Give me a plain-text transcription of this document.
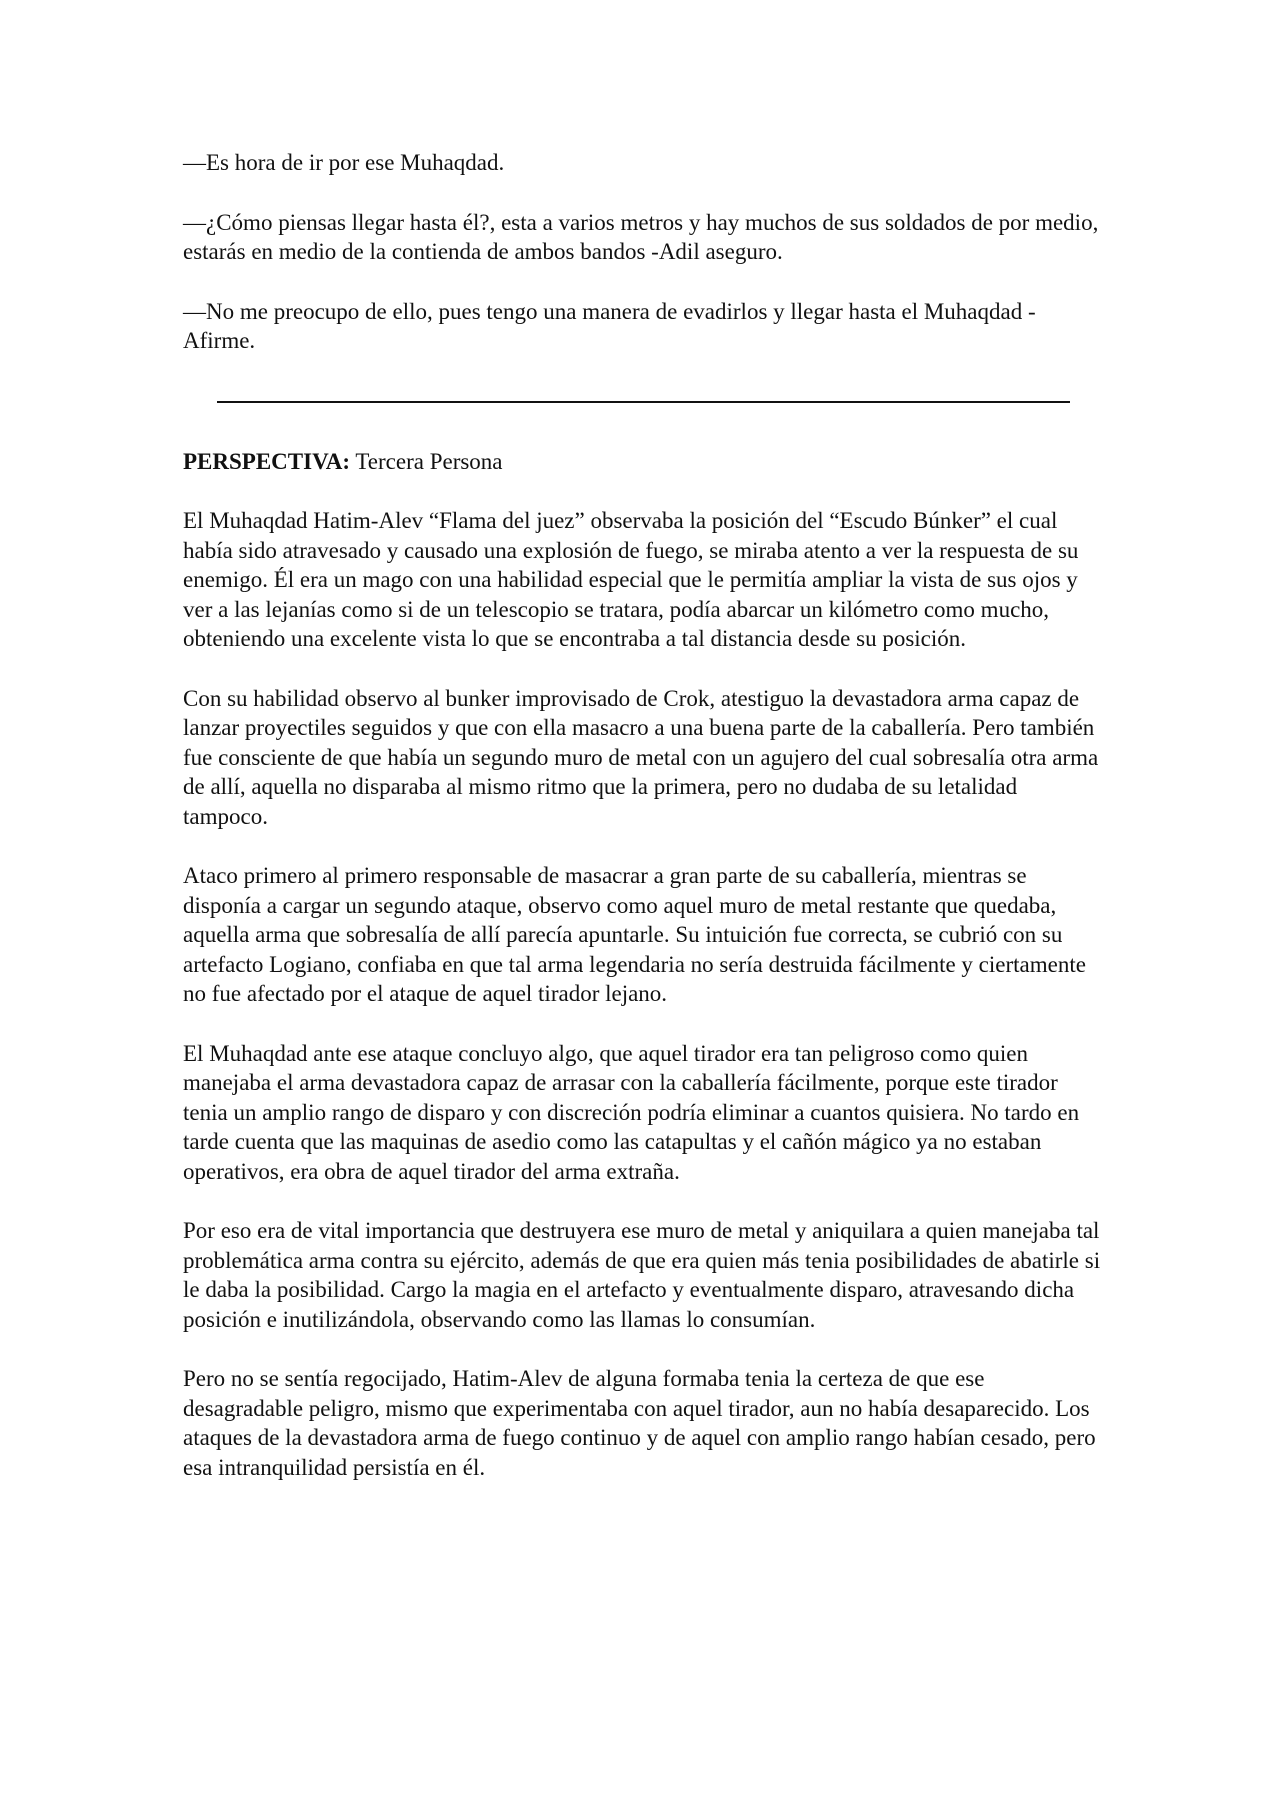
—Es hora de ir por ese Muhaqdad.

—¿Cómo piensas llegar hasta él?, esta a varios metros y hay muchos de sus soldados de por medio, estarás en medio de la contienda de ambos bandos -Adil aseguro.

—No me preocupo de ello, pues tengo una manera de evadirlos y llegar hasta el Muhaqdad -Afirme.

PERSPECTIVA: Tercera Persona

El Muhaqdad Hatim-Alev “Flama del juez” observaba la posición del “Escudo Búnker” el cual había sido atravesado y causado una explosión de fuego, se miraba atento a ver la respuesta de su enemigo. Él era un mago con una habilidad especial que le permitía ampliar la vista de sus ojos y ver a las lejanías como si de un telescopio se tratara, podía abarcar un kilómetro como mucho, obteniendo una excelente vista lo que se encontraba a tal distancia desde su posición.

Con su habilidad observo al bunker improvisado de Crok, atestiguo la devastadora arma capaz de lanzar proyectiles seguidos y que con ella masacro a una buena parte de la caballería. Pero también fue consciente de que había un segundo muro de metal con un agujero del cual sobresalía otra arma de allí, aquella no disparaba al mismo ritmo que la primera, pero no dudaba de su letalidad tampoco.

Ataco primero al primero responsable de masacrar a gran parte de su caballería, mientras se disponía a cargar un segundo ataque, observo como aquel muro de metal restante que quedaba, aquella arma que sobresalía de allí parecía apuntarle. Su intuición fue correcta, se cubrió con su artefacto Logiano, confiaba en que tal arma legendaria no sería destruida fácilmente y ciertamente no fue afectado por el ataque de aquel tirador lejano.

El Muhaqdad ante ese ataque concluyo algo, que aquel tirador era tan peligroso como quien manejaba el arma devastadora capaz de arrasar con la caballería fácilmente, porque este tirador tenia un amplio rango de disparo y con discreción podría eliminar a cuantos quisiera. No tardo en tarde cuenta que las maquinas de asedio como las catapultas y el cañón mágico ya no estaban operativos, era obra de aquel tirador del arma extraña.

Por eso era de vital importancia que destruyera ese muro de metal y aniquilara a quien manejaba tal problemática arma contra su ejército, además de que era quien más tenia posibilidades de abatirle si le daba la posibilidad. Cargo la magia en el artefacto y eventualmente disparo, atravesando dicha posición e inutilizándola, observando como las llamas lo consumían.

Pero no se sentía regocijado, Hatim-Alev de alguna formaba tenia la certeza de que ese desagradable peligro, mismo que experimentaba con aquel tirador, aun no había desaparecido. Los ataques de la devastadora arma de fuego continuo y de aquel con amplio rango habían cesado, pero esa intranquilidad persistía en él.
